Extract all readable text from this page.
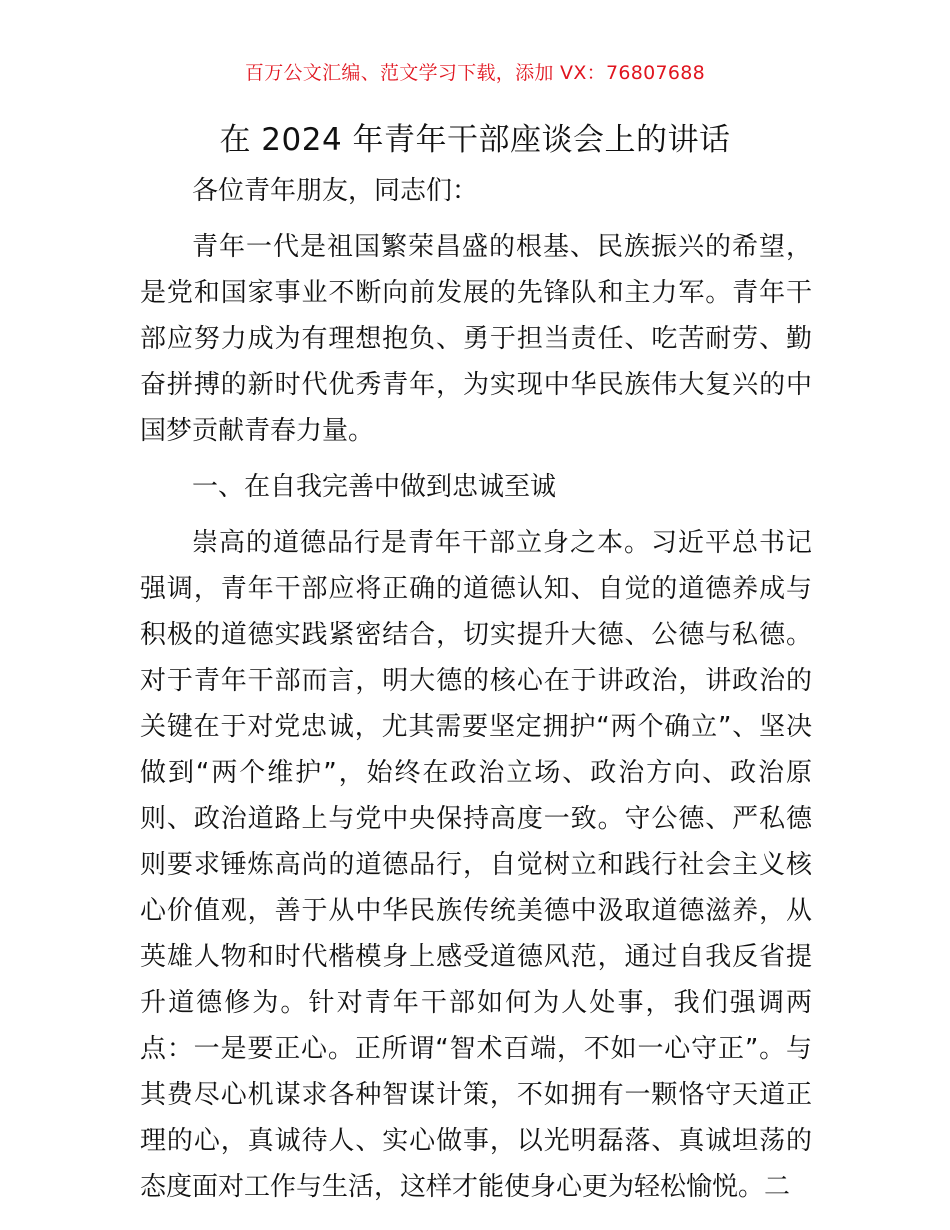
百万公文汇编、范文学习下载，添加 VX：76807688
在 2024 年青年干部座谈会上的讲话

各位青年朋友，同志们：

青年一代是祖国繁荣昌盛的根基、民族振兴的希望，是党和国家事业不断向前发展的先锋队和主力军。青年干部应努力成为有理想抱负、勇于担当责任、吃苦耐劳、勤奋拼搏的新时代优秀青年，为实现中华民族伟大复兴的中国梦贡献青春力量。

一、在自我完善中做到忠诚至诚

崇高的道德品行是青年干部立身之本。习近平总书记强调，青年干部应将正确的道德认知、自觉的道德养成与积极的道德实践紧密结合，切实提升大德、公德与私德。对于青年干部而言，明大德的核心在于讲政治，讲政治的关键在于对党忠诚，尤其需要坚定拥护“两个确立”、坚决做到“两个维护”，始终在政治立场、政治方向、政治原则、政治道路上与党中央保持高度一致。守公德、严私德则要求锤炼高尚的道德品行，自觉树立和践行社会主义核心价值观，善于从中华民族传统美德中汲取道德滋养，从英雄人物和时代楷模身上感受道德风范，通过自我反省提升道德修为。针对青年干部如何为人处事，我们强调两点：一是要正心。正所谓“智术百端，不如一心守正”。与其费尽心机谋求各种智谋计策，不如拥有一颗恪守天道正理的心，真诚待人、实心做事，以光明磊落、真诚坦荡的态度面对工作与生活，这样才能使身心更为轻松愉悦。二
